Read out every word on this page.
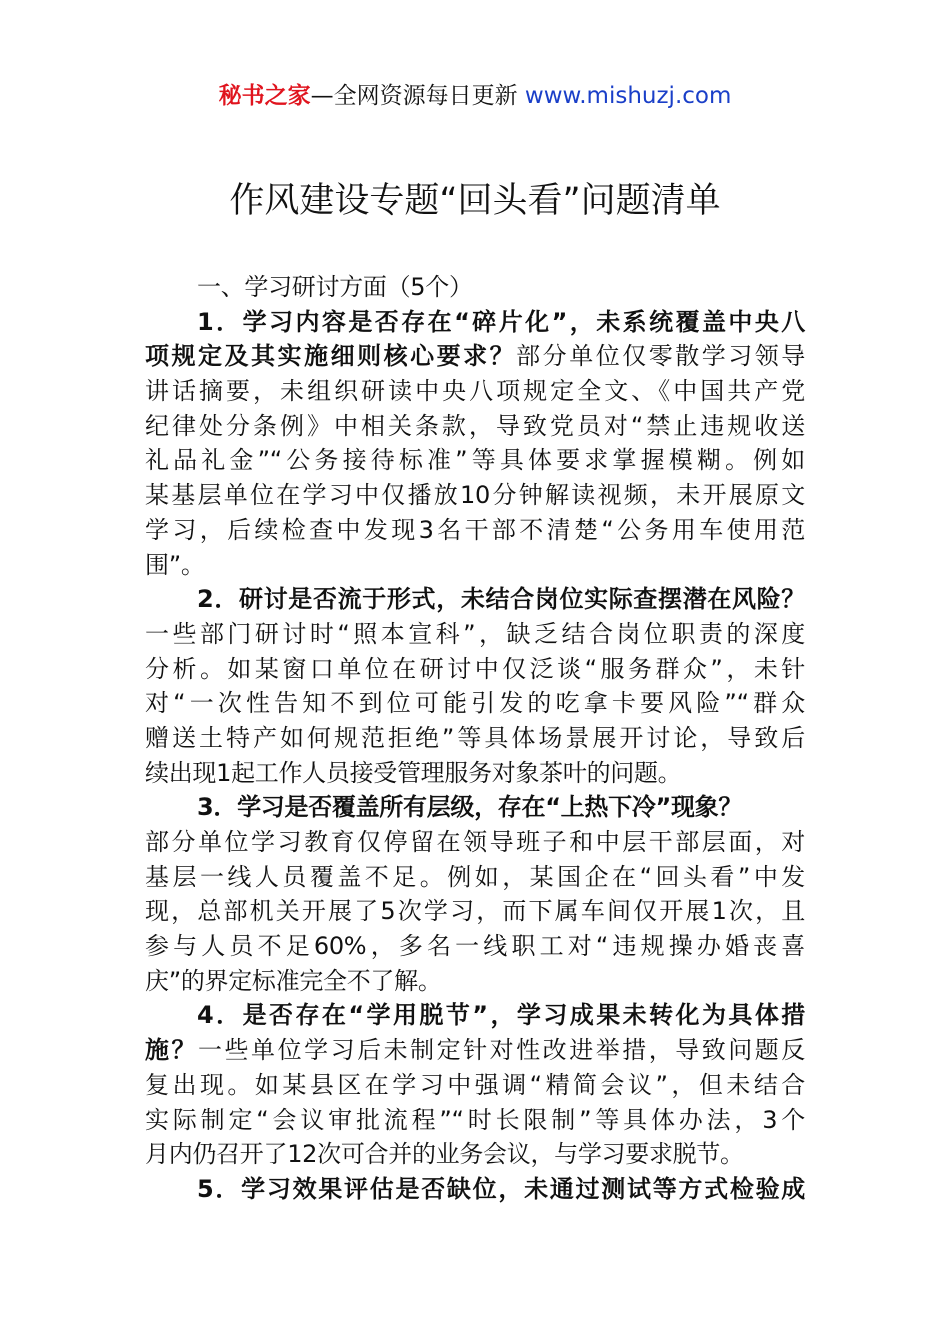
秘书之家—全网资源每日更新 www.mishuzj.com
作风建设专题“回头看”问题清单
一、学习研讨方面（5个）
1．学习内容是否存在“碎片化”，未系统覆盖中央八
项规定及其实施细则核心要求？部分单位仅零散学习领导
讲话摘要，未组织研读中央八项规定全文、《中国共产党
纪律处分条例》中相关条款，导致党员对“禁止违规收送
礼品礼金”“公务接待标准”等具体要求掌握模糊。例如
某基层单位在学习中仅播放10分钟解读视频，未开展原文
学习，后续检查中发现3名干部不清楚“公务用车使用范
围”。
2．研讨是否流于形式，未结合岗位实际查摆潜在风险？
一些部门研讨时“照本宣科”，缺乏结合岗位职责的深度
分析。如某窗口单位在研讨中仅泛谈“服务群众”，未针
对“一次性告知不到位可能引发的吃拿卡要风险”“群众
赠送土特产如何规范拒绝”等具体场景展开讨论，导致后
续出现1起工作人员接受管理服务对象茶叶的问题。
3．学习是否覆盖所有层级，存在“上热下冷”现象？
部分单位学习教育仅停留在领导班子和中层干部层面，对
基层一线人员覆盖不足。例如，某国企在“回头看”中发
现，总部机关开展了5次学习，而下属车间仅开展1次，且
参与人员不足60%，多名一线职工对“违规操办婚丧喜
庆”的界定标准完全不了解。
4．是否存在“学用脱节”，学习成果未转化为具体措
施？一些单位学习后未制定针对性改进举措，导致问题反
复出现。如某县区在学习中强调“精简会议”，但未结合
实际制定“会议审批流程”“时长限制”等具体办法，3个
月内仍召开了12次可合并的业务会议，与学习要求脱节。
5．学习效果评估是否缺位，未通过测试等方式检验成
